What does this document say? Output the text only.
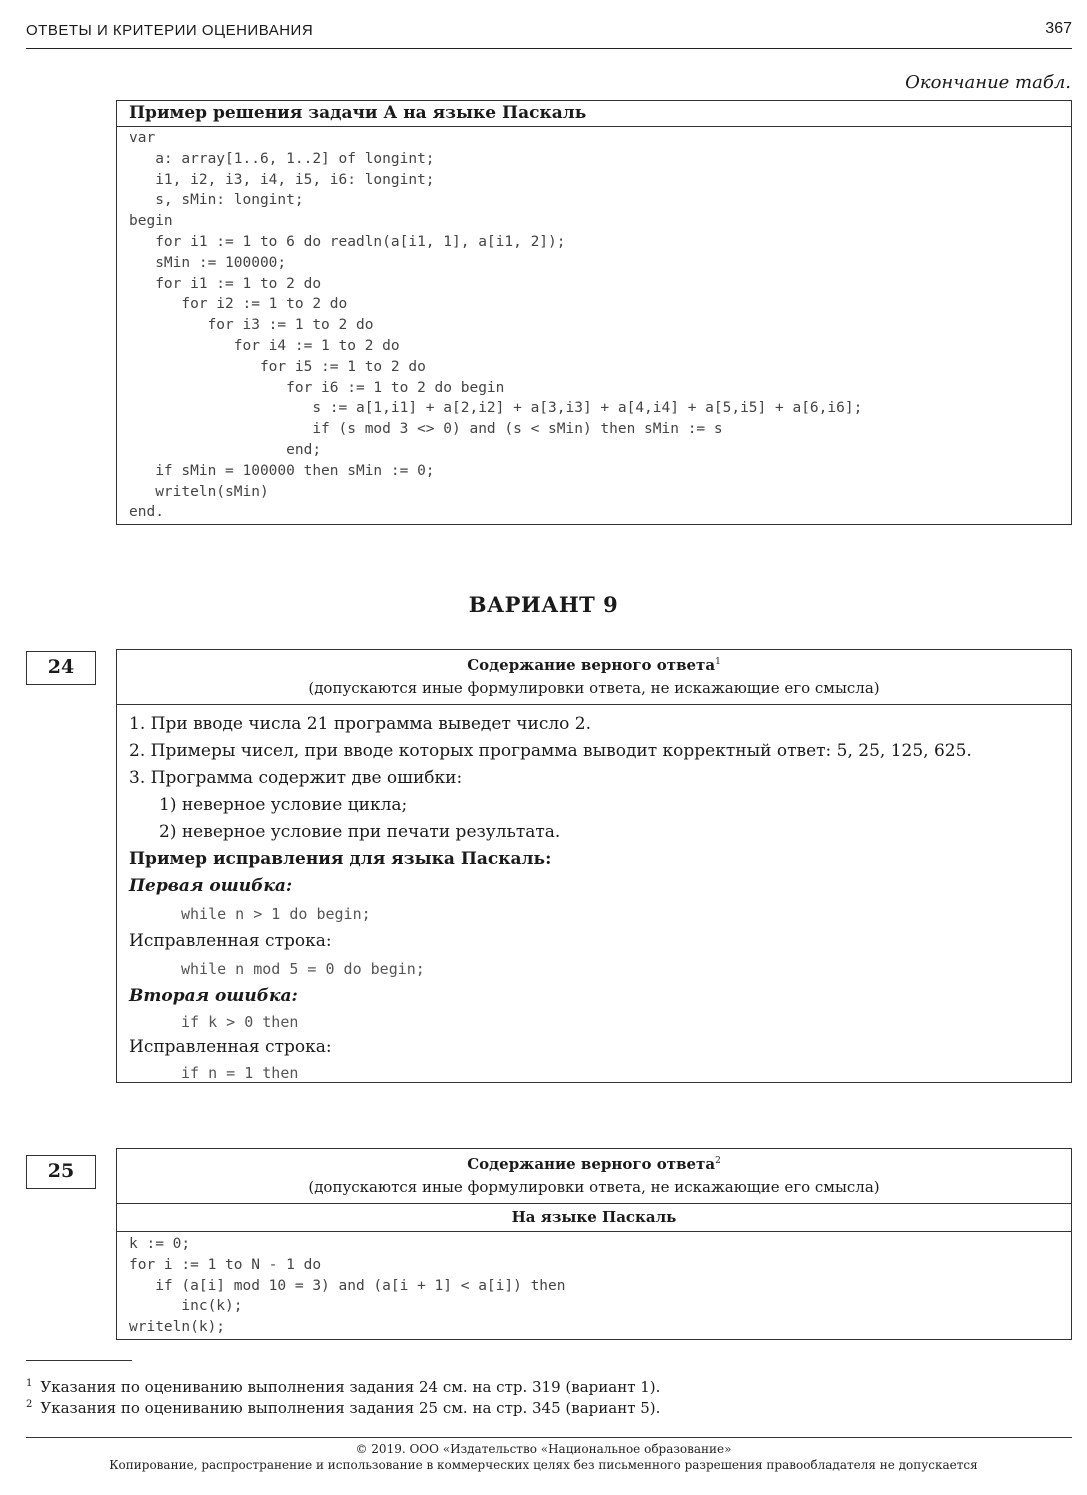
ОТВЕТЫ И КРИТЕРИИ ОЦЕНИВАНИЯ	367
Окончание табл.
Пример решения задачи А на языке Паскаль
var
a: array[1..6, 1..2] of longint;
i1, i2, i3, i4, i5, i6: longint;
s, sMin: longint;
begin
for i1 := 1 to 6 do readln(a[i1, 1], a[i1, 2]);
sMin := 100000;
for i1 := 1 to 2 do
for i2 := 1 to 2 do
for i3 := 1 to 2 do
for i4 := 1 to 2 do
for i5 := 1 to 2 do
for i6 := 1 to 2 do begin
s := a[1,i1] + a[2,i2] + a[3,i3] + a[4,i4] + a[5,i5] + a[6,i6];
if (s mod 3 <> 0) and (s < sMin) then sMin := s
end;
if sMin = 100000 then sMin := 0;
writeln(sMin)
end.
ВАРИАНТ 9
24	Содержание верного ответа$^1$
(допускаются иные формулировки ответа, не искажающие его смысла)
1. При вводе числа 21 программа выведет число 2.
2. Примеры чисел, при вводе которых программа выводит корректный ответ: 5, 25, 125, 625.
3. Программа содержит две ошибки:
1) неверное условие цикла;
2) неверное условие при печати результата.
Пример исправления для языка Паскаль:
Первая ошибка:
while n > 1 do begin;
Исправленная строка:
while n mod 5 = 0 do begin;
Вторая ошибка:
if k > 0 then
Исправленная строка:
if n = 1 then
25	Содержание верного ответа$^2$
(допускаются иные формулировки ответа, не искажающие его смысла)
На языке Паскаль
k := 0;
for i := 1 to N - 1 do
if (a[i] mod 10 = 3) and (a[i + 1] < a[i]) then
inc(k);
writeln(k);
$^1$ Указания по оцениванию выполнения задания 24 см. на стр. 319 (вариант 1).
$^2$ Указания по оцениванию выполнения задания 25 см. на стр. 345 (вариант 5).
© 2019. ООО «Издательство «Национальное образование»
Копирование, распространение и использование в коммерческих целях без письменного разрешения правообладателя не допускается
